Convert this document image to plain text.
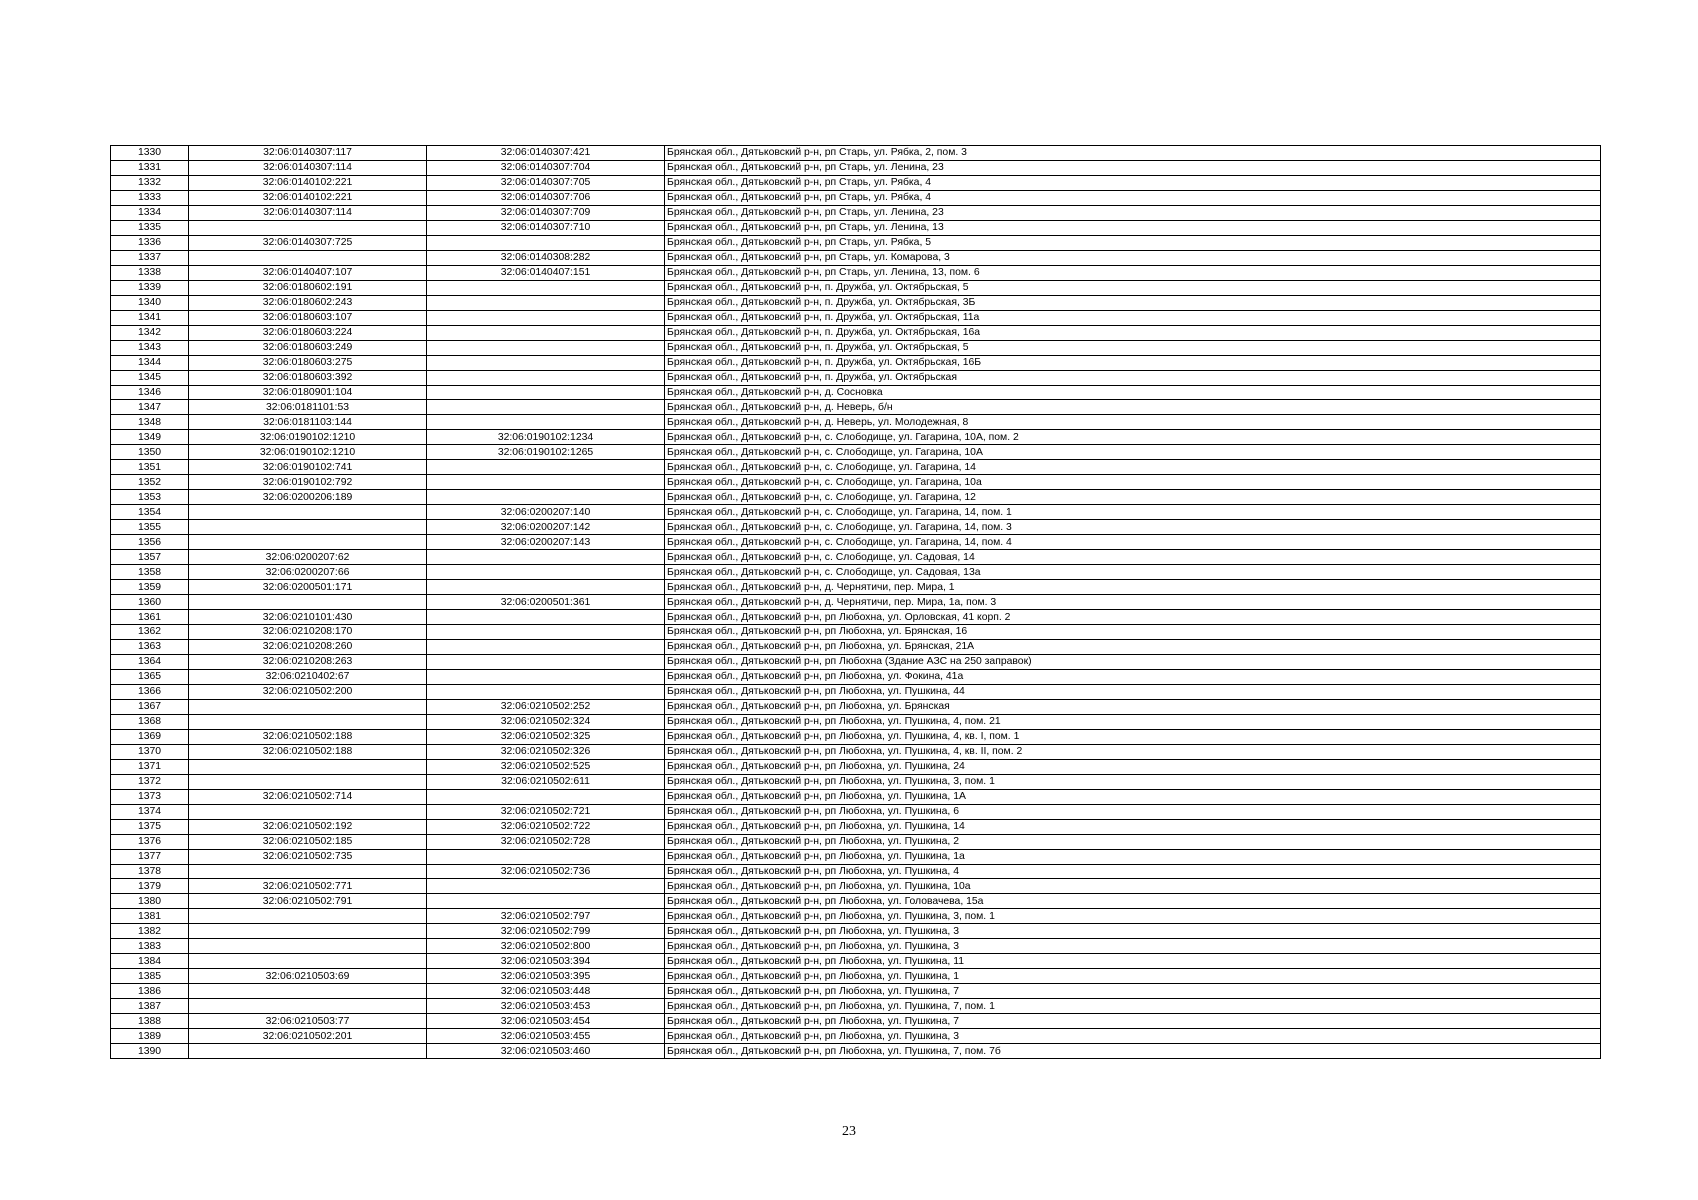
1330	32:06:0140307:117	32:06:0140307:421	Брянская обл., Дятьковский р-н, рп Старь, ул. Рябка, 2, пом. 3
1331	32:06:0140307:114	32:06:0140307:704	Брянская обл., Дятьковский р-н, рп Старь, ул. Ленина, 23
1332	32:06:0140102:221	32:06:0140307:705	Брянская обл., Дятьковский р-н, рп Старь, ул. Рябка, 4
1333	32:06:0140102:221	32:06:0140307:706	Брянская обл., Дятьковский р-н, рп Старь, ул. Рябка, 4
1334	32:06:0140307:114	32:06:0140307:709	Брянская обл., Дятьковский р-н, рп Старь, ул. Ленина, 23
1335		32:06:0140307:710	Брянская обл., Дятьковский р-н, рп Старь, ул. Ленина, 13
1336	32:06:0140307:725		Брянская обл., Дятьковский р-н, рп Старь, ул. Рябка, 5
1337		32:06:0140308:282	Брянская обл., Дятьковский р-н, рп Старь, ул. Комарова, 3
1338	32:06:0140407:107	32:06:0140407:151	Брянская обл., Дятьковский р-н, рп Старь, ул. Ленина, 13, пом. 6
1339	32:06:0180602:191		Брянская обл., Дятьковский р-н, п. Дружба, ул. Октябрьская, 5
1340	32:06:0180602:243		Брянская обл., Дятьковский р-н, п. Дружба, ул. Октябрьская, 3Б
1341	32:06:0180603:107		Брянская обл., Дятьковский р-н, п. Дружба, ул. Октябрьская, 11а
1342	32:06:0180603:224		Брянская обл., Дятьковский р-н, п. Дружба, ул. Октябрьская, 16а
1343	32:06:0180603:249		Брянская обл., Дятьковский р-н, п. Дружба, ул. Октябрьская, 5
1344	32:06:0180603:275		Брянская обл., Дятьковский р-н, п. Дружба, ул. Октябрьская, 16Б
1345	32:06:0180603:392		Брянская обл., Дятьковский р-н, п. Дружба, ул. Октябрьская
1346	32:06:0180901:104		Брянская обл., Дятьковский р-н, д. Сосновка
1347	32:06:0181101:53		Брянская обл., Дятьковский р-н, д. Неверь, б/н
1348	32:06:0181103:144		Брянская обл., Дятьковский р-н, д. Неверь, ул. Молодежная, 8
1349	32:06:0190102:1210	32:06:0190102:1234	Брянская обл., Дятьковский р-н, с. Слободище, ул. Гагарина, 10А, пом. 2
1350	32:06:0190102:1210	32:06:0190102:1265	Брянская обл., Дятьковский р-н, с. Слободище, ул. Гагарина, 10А
1351	32:06:0190102:741		Брянская обл., Дятьковский р-н, с. Слободище, ул. Гагарина, 14
1352	32:06:0190102:792		Брянская обл., Дятьковский р-н, с. Слободище, ул. Гагарина, 10а
1353	32:06:0200206:189		Брянская обл., Дятьковский р-н, с. Слободище, ул. Гагарина, 12
1354		32:06:0200207:140	Брянская обл., Дятьковский р-н, с. Слободище, ул. Гагарина, 14, пом. 1
1355		32:06:0200207:142	Брянская обл., Дятьковский р-н, с. Слободище, ул. Гагарина, 14, пом. 3
1356		32:06:0200207:143	Брянская обл., Дятьковский р-н, с. Слободище, ул. Гагарина, 14, пом. 4
1357	32:06:0200207:62		Брянская обл., Дятьковский р-н, с. Слободище, ул. Садовая, 14
1358	32:06:0200207:66		Брянская обл., Дятьковский р-н, с. Слободище, ул. Садовая, 13а
1359	32:06:0200501:171		Брянская обл., Дятьковский р-н, д. Чернятичи, пер. Мира, 1
1360		32:06:0200501:361	Брянская обл., Дятьковский р-н, д. Чернятичи, пер. Мира, 1а, пом. 3
1361	32:06:0210101:430		Брянская обл., Дятьковский р-н, рп Любохна, ул. Орловская, 41 корп. 2
1362	32:06:0210208:170		Брянская обл., Дятьковский р-н, рп Любохна, ул. Брянская, 16
1363	32:06:0210208:260		Брянская обл., Дятьковский р-н, рп Любохна, ул. Брянская, 21А
1364	32:06:0210208:263		Брянская обл., Дятьковский р-н, рп Любохна (Здание АЗС на 250 заправок)
1365	32:06:0210402:67		Брянская обл., Дятьковский р-н, рп Любохна, ул. Фокина, 41а
1366	32:06:0210502:200		Брянская обл., Дятьковский р-н, рп Любохна, ул. Пушкина, 44
1367		32:06:0210502:252	Брянская обл., Дятьковский р-н, рп Любохна, ул. Брянская
1368		32:06:0210502:324	Брянская обл., Дятьковский р-н, рп Любохна, ул. Пушкина, 4, пом. 21
1369	32:06:0210502:188	32:06:0210502:325	Брянская обл., Дятьковский р-н, рп Любохна, ул. Пушкина, 4, кв. I, пом. 1
1370	32:06:0210502:188	32:06:0210502:326	Брянская обл., Дятьковский р-н, рп Любохна, ул. Пушкина, 4, кв. II, пом. 2
1371		32:06:0210502:525	Брянская обл., Дятьковский р-н, рп Любохна, ул. Пушкина, 24
1372		32:06:0210502:611	Брянская обл., Дятьковский р-н, рп Любохна, ул. Пушкина, 3, пом. 1
1373	32:06:0210502:714		Брянская обл., Дятьковский р-н, рп Любохна, ул. Пушкина, 1А
1374		32:06:0210502:721	Брянская обл., Дятьковский р-н, рп Любохна, ул. Пушкина, 6
1375	32:06:0210502:192	32:06:0210502:722	Брянская обл., Дятьковский р-н, рп Любохна, ул. Пушкина, 14
1376	32:06:0210502:185	32:06:0210502:728	Брянская обл., Дятьковский р-н, рп Любохна, ул. Пушкина, 2
1377	32:06:0210502:735		Брянская обл., Дятьковский р-н, рп Любохна, ул. Пушкина, 1а
1378		32:06:0210502:736	Брянская обл., Дятьковский р-н, рп Любохна, ул. Пушкина, 4
1379	32:06:0210502:771		Брянская обл., Дятьковский р-н, рп Любохна, ул. Пушкина, 10а
1380	32:06:0210502:791		Брянская обл., Дятьковский р-н, рп Любохна, ул. Головачева, 15а
1381		32:06:0210502:797	Брянская обл., Дятьковский р-н, рп Любохна, ул. Пушкина, 3, пом. 1
1382		32:06:0210502:799	Брянская обл., Дятьковский р-н, рп Любохна, ул. Пушкина, 3
1383		32:06:0210502:800	Брянская обл., Дятьковский р-н, рп Любохна, ул. Пушкина, 3
1384		32:06:0210503:394	Брянская обл., Дятьковский р-н, рп Любохна, ул. Пушкина, 11
1385	32:06:0210503:69	32:06:0210503:395	Брянская обл., Дятьковский р-н, рп Любохна, ул. Пушкина, 1
1386		32:06:0210503:448	Брянская обл., Дятьковский р-н, рп Любохна, ул. Пушкина, 7
1387		32:06:0210503:453	Брянская обл., Дятьковский р-н, рп Любохна, ул. Пушкина, 7, пом. 1
1388	32:06:0210503:77	32:06:0210503:454	Брянская обл., Дятьковский р-н, рп Любохна, ул. Пушкина, 7
1389	32:06:0210502:201	32:06:0210503:455	Брянская обл., Дятьковский р-н, рп Любохна, ул. Пушкина, 3
1390		32:06:0210503:460	Брянская обл., Дятьковский р-н, рп Любохна, ул. Пушкина, 7, пом. 7б
23
